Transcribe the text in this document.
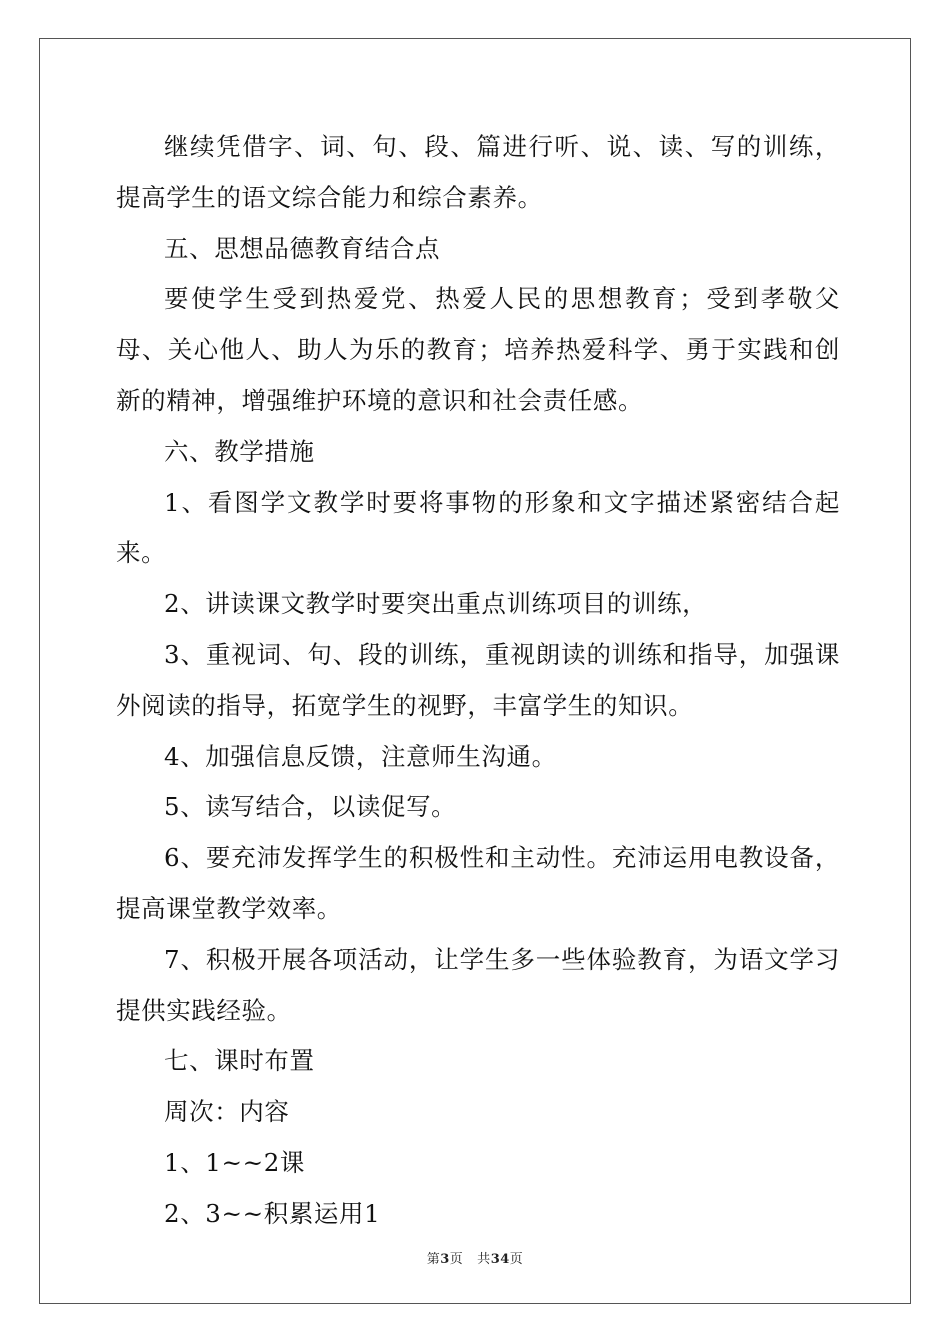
继续凭借字、词、句、段、篇进行听、说、读、写的训练，提高学生的语文综合能力和综合素养。

五、思想品德教育结合点

要使学生受到热爱党、热爱人民的思想教育；受到孝敬父母、关心他人、助人为乐的教育；培养热爱科学、勇于实践和创新的精神，增强维护环境的意识和社会责任感。

六、教学措施

1、看图学文教学时要将事物的形象和文字描述紧密结合起来。

2、讲读课文教学时要突出重点训练项目的训练，

3、重视词、句、段的训练，重视朗读的训练和指导，加强课外阅读的指导，拓宽学生的视野，丰富学生的知识。

4、加强信息反馈，注意师生沟通。

5、读写结合，以读促写。

6、要充沛发挥学生的积极性和主动性。充沛运用电教设备，提高课堂教学效率。

7、积极开展各项活动，让学生多一些体验教育，为语文学习提供实践经验。

七、课时布置

周次：内容

1、1~~2课

2、3~~积累运用1

第3页 共34页
